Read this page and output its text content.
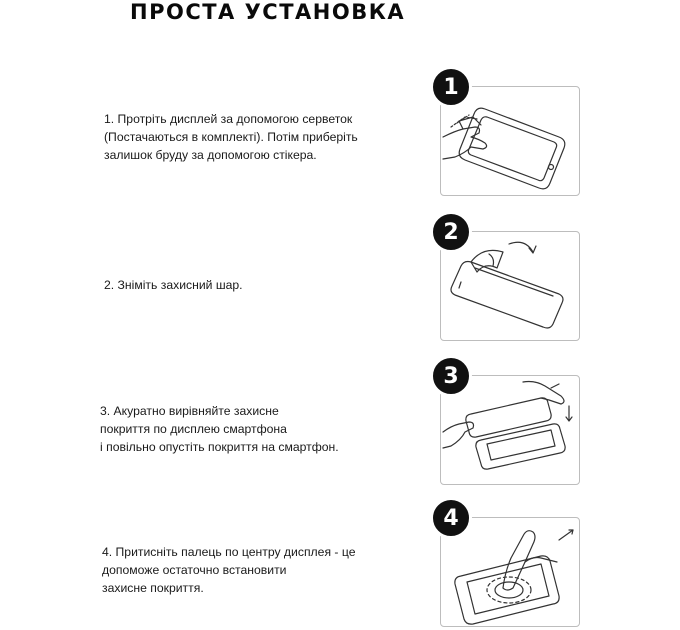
ПРОСТА УСТАНОВКА
1. Протріть дисплей за допомогою серветок
(Постачаються в комплекті). Потім приберіть
залишок бруду за допомогою стікера.
2. Зніміть захисний шар.
3. Акуратно вирівняйте захисне
покриття по дисплею смартфона
і повільно опустіть покриття на смартфон.
4. Притисніть палець по центру дисплея - це
допоможе остаточно встановити
захисне покриття.
1
2
3
4
